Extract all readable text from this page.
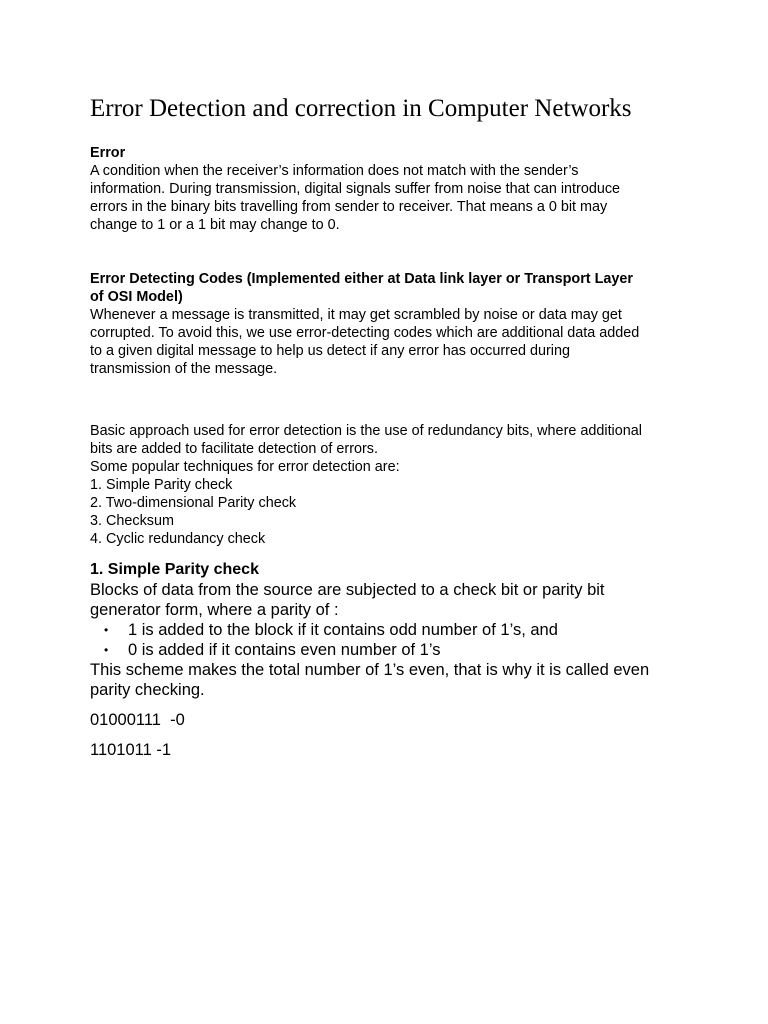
Error Detection and correction in Computer Networks

Error

A condition when the receiver’s information does not match with the sender’s
information. During transmission, digital signals suffer from noise that can introduce
errors in the binary bits travelling from sender to receiver. That means a 0 bit may
change to 1 or a 1 bit may change to 0.

Error Detecting Codes (Implemented either at Data link layer or Transport Layer
of OSI Model)

Whenever a message is transmitted, it may get scrambled by noise or data may get
corrupted. To avoid this, we use error-detecting codes which are additional data added
to a given digital message to help us detect if any error has occurred during
transmission of the message.

Basic approach used for error detection is the use of redundancy bits, where additional
bits are added to facilitate detection of errors.
Some popular techniques for error detection are:

1. Simple Parity check
2. Two-dimensional Parity check
3. Checksum
4. Cyclic redundancy check

1. Simple Parity check

Blocks of data from the source are subjected to a check bit or parity bit
generator form, where a parity of :

• 1 is added to the block if it contains odd number of 1’s, and
• 0 is added if it contains even number of 1’s

This scheme makes the total number of 1’s even, that is why it is called even
parity checking.

01000111  -0

1101011 -1
